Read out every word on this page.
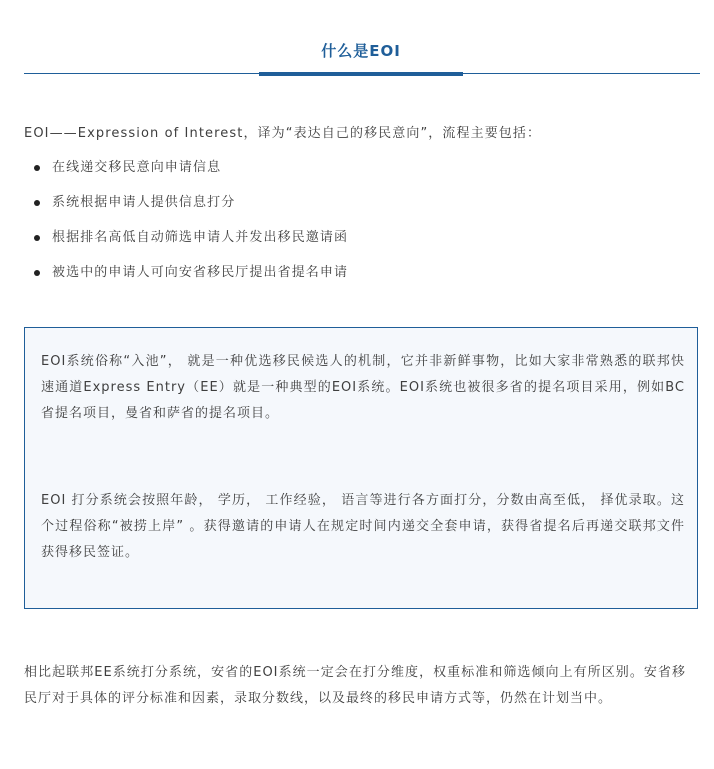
什么是EOI
EOI——Expression of Interest，译为“表达自己的移民意向”，流程主要包括：
在线递交移民意向申请信息
系统根据申请人提供信息打分
根据排名高低自动筛选申请人并发出移民邀请函
被选中的申请人可向安省移民厅提出省提名申请

EOI系统俗称“入池”， 就是一种优选移民候选人的机制，它并非新鲜事物，比如大家非常熟悉的联邦快速通道Express Entry（EE）就是一种典型的EOI系统。EOI系统也被很多省的提名项目采用，例如BC省提名项目，曼省和萨省的提名项目。

EOI 打分系统会按照年龄， 学历， 工作经验， 语言等进行各方面打分，分数由高至低， 择优录取。这个过程俗称“被捞上岸” 。获得邀请的申请人在规定时间内递交全套申请，获得省提名后再递交联邦文件获得移民签证。

相比起联邦EE系统打分系统，安省的EOI系统一定会在打分维度，权重标准和筛选倾向上有所区别。安省移民厅对于具体的评分标准和因素，录取分数线，以及最终的移民申请方式等，仍然在计划当中。
